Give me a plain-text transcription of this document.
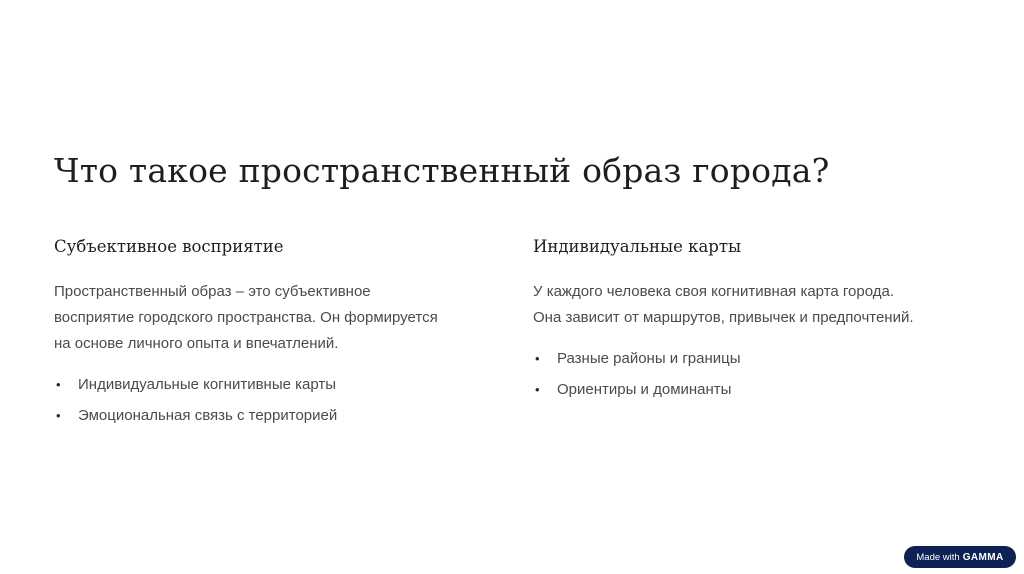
Что такое пространственный образ города?
Субъективное восприятие

Пространственный образ – это субъективное
восприятие городского пространства. Он формируется
на основе личного опыта и впечатлений.

• Индивидуальные когнитивные карты
• Эмоциональная связь с территорией
Индивидуальные карты

У каждого человека своя когнитивная карта города.
Она зависит от маршрутов, привычек и предпочтений.

• Разные районы и границы
• Ориентиры и доминанты
Made with GAMMA
